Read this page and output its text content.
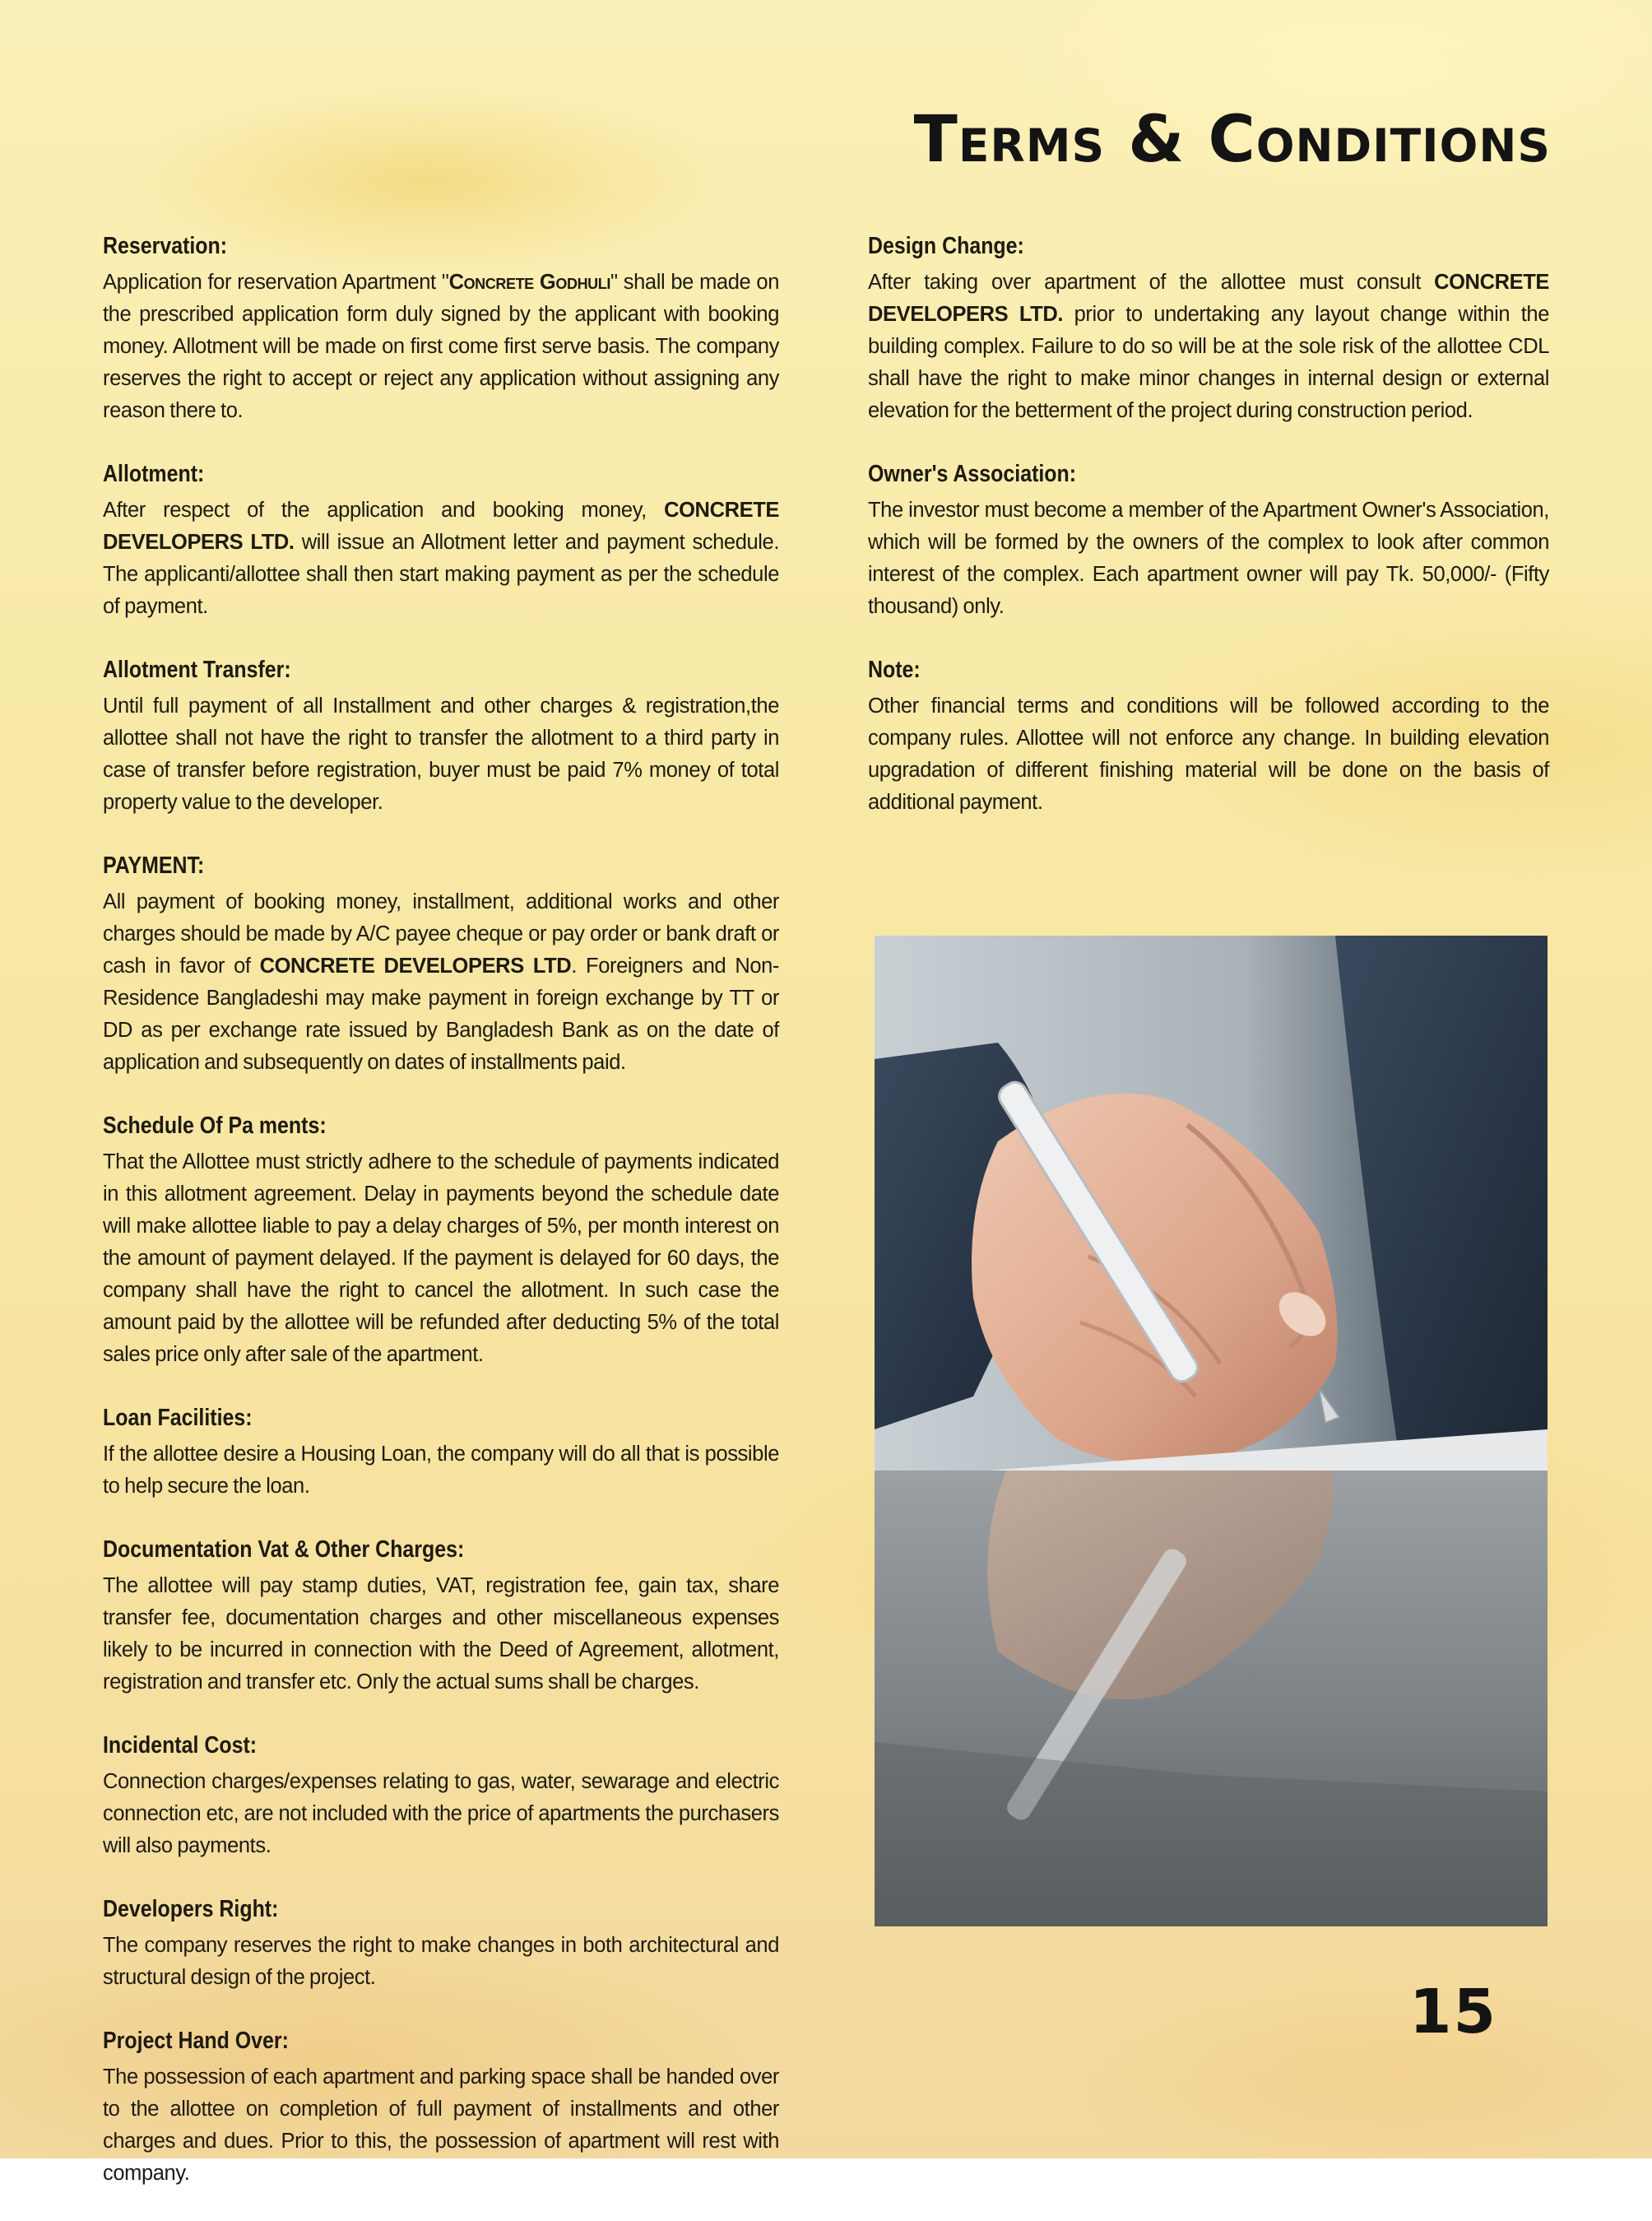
Terms & Conditions
Reservation:

Application for reservation Apartment "Concrete Godhuli" shall be made on the prescribed application form duly signed by the applicant with booking money. Allotment will be made on first come first serve basis. The company reserves the right to accept or reject any application without assigning any reason there to.

Allotment:

After respect of the application and booking money, CONCRETE DEVELOPERS LTD. will issue an Allotment letter and payment schedule. The applicanti/allottee shall then start making payment as per the schedule of payment.

Allotment Transfer:

Until full payment of all Installment and other charges & registration,the allottee shall not have the right to transfer the allotment to a third party in case of transfer before registration, buyer must be paid 7% money of total property value to the developer.

PAYMENT:

All payment of booking money, installment, additional works and other charges should be made by A/C payee cheque or pay order or bank draft or cash in favor of CONCRETE DEVELOPERS LTD. Foreigners and Non-Residence Bangladeshi may make payment in foreign exchange by TT or DD as per exchange rate issued by Bangladesh Bank as on the date of application and subsequently on dates of installments paid.

Schedule Of Pa ments:

That the Allottee must strictly adhere to the schedule of payments indicated in this allotment agreement. Delay in payments beyond the schedule date will make allottee liable to pay a delay charges of 5%, per month interest on the amount of payment delayed. If the payment is delayed for 60 days, the company shall have the right to cancel the allotment. In such case the amount paid by the allottee will be refunded after deducting 5% of the total sales price only after sale of the apartment.

Loan Facilities:

If the allottee desire a Housing Loan, the company will do all that is possible to help secure the loan.

Documentation Vat & Other Charges:

The allottee will pay stamp duties, VAT, registration fee, gain tax, share transfer fee, documentation charges and other miscellaneous expenses likely to be incurred in connection with the Deed of Agreement, allotment, registration and transfer etc. Only the actual sums shall be charges.

Incidental Cost:

Connection charges/expenses relating to gas, water, sewarage and electric connection etc, are not included with the price of apartments the purchasers will also payments.

Developers Right:

The company reserves the right to make changes in both architectural and structural design of the project.

Project Hand Over:

The possession of each apartment and parking space shall be handed over to the allottee on completion of full payment of installments and other charges and dues. Prior to this, the possession of apartment will rest with company.

Design Change:

After taking over apartment of the allottee must consult CONCRETE DEVELOPERS LTD. prior to undertaking any layout change within the building complex. Failure to do so will be at the sole risk of the allottee CDL shall have the right to make minor changes in internal design or external elevation for the betterment of the project during construction period.

Owner's Association:

The investor must become a member of the Apartment Owner's Association, which will be formed by the owners of the complex to look after common interest of the complex. Each apartment owner will pay Tk. 50,000/- (Fifty thousand) only.

Note:

Other financial terms and conditions will be followed according to the company rules. Allottee will not enforce any change. In building elevation upgradation of different finishing material will be done on the basis of additional payment.

15
